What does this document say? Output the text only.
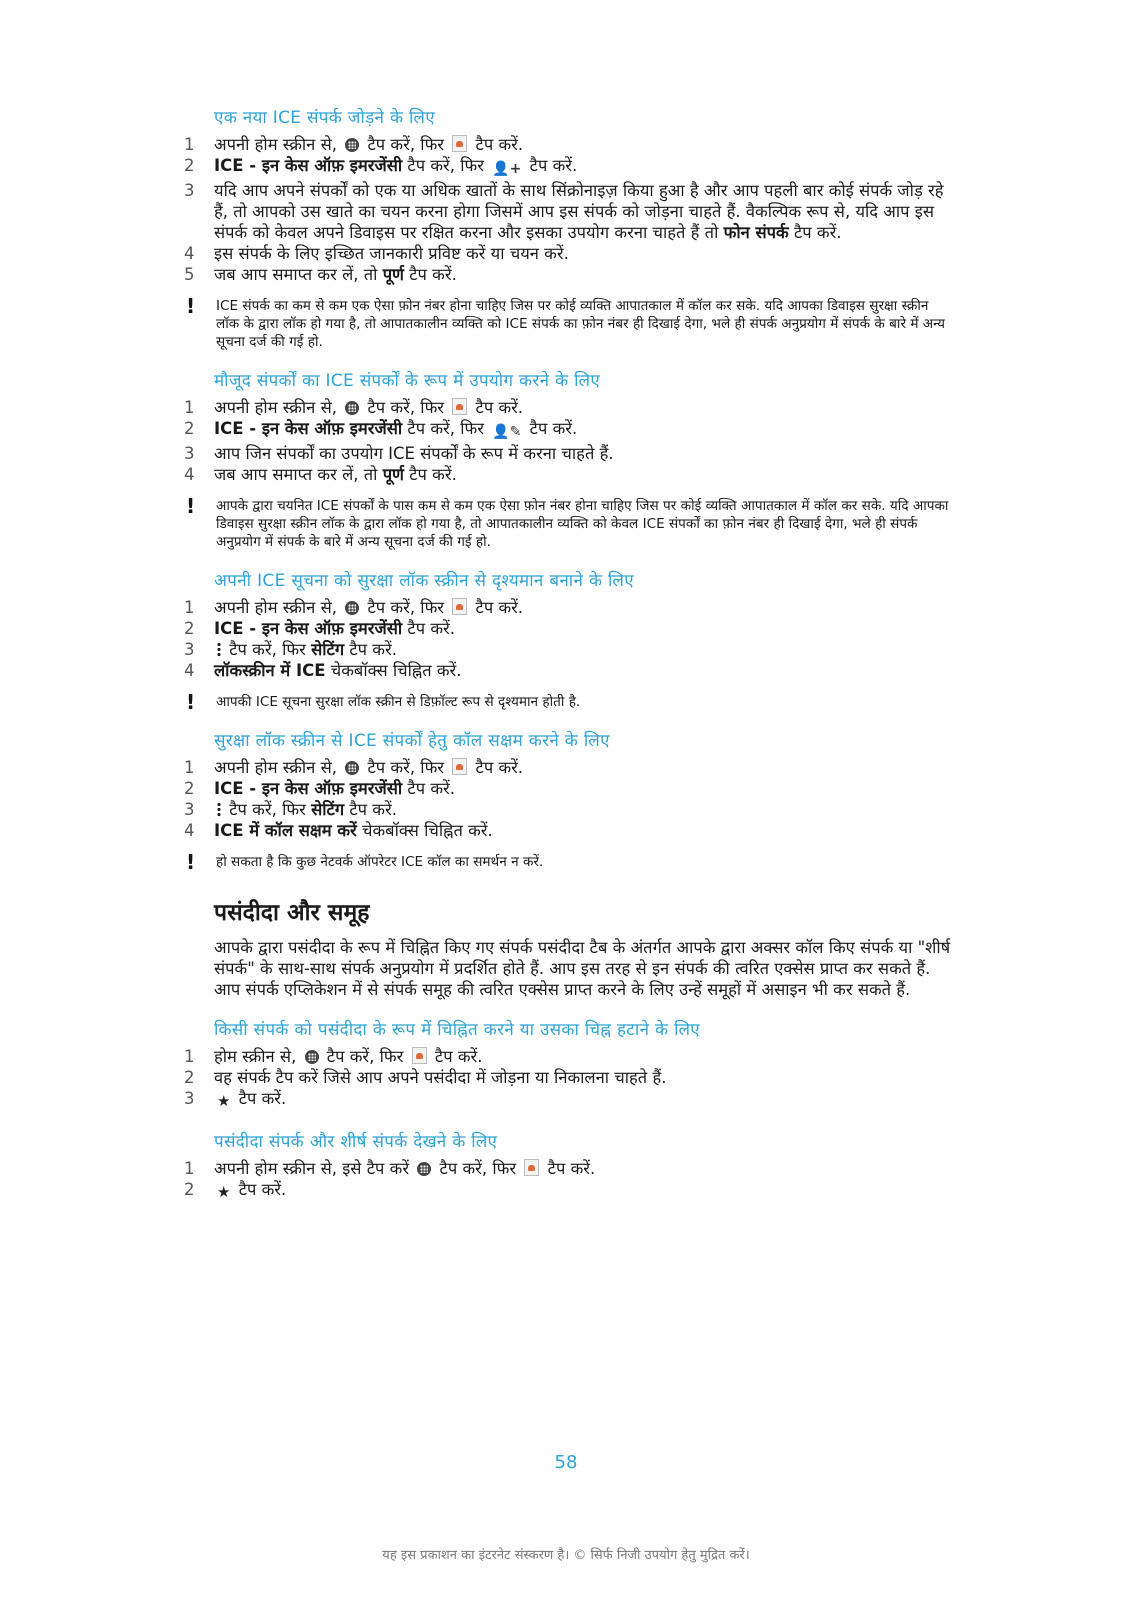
एक नया ICE संपर्क जोड़ने के लिए
1	अपनी होम स्क्रीन से,  टैप करें, फिर  टैप करें.
2	ICE - इन केस ऑफ़ इमरजेंसी टैप करें, फिर 👤+ टैप करें.
3	यदि आप अपने संपर्कों को एक या अधिक खातों के साथ सिंक्रोनाइज़ किया हुआ है और आप पहली बार कोई संपर्क जोड़ रहे हैं, तो आपको उस खाते का चयन करना होगा जिसमें आप इस संपर्क को जोड़ना चाहते हैं. वैकल्पिक रूप से, यदि आप इस संपर्क को केवल अपने डिवाइस पर रक्षित करना और इसका उपयोग करना चाहते हैं तो फोन संपर्क टैप करें.
4	इस संपर्क के लिए इच्छित जानकारी प्रविष्ट करें या चयन करें.
5	जब आप समाप्त कर लें, तो पूर्ण टैप करें.
!	ICE संपर्क का कम से कम एक ऐसा फ़ोन नंबर होना चाहिए जिस पर कोई व्यक्ति आपातकाल में कॉल कर सके. यदि आपका डिवाइस सुरक्षा स्क्रीन लॉक के द्वारा लॉक हो गया है, तो आपातकालीन व्यक्ति को ICE संपर्क का फ़ोन नंबर ही दिखाई देगा, भले ही संपर्क अनुप्रयोग में संपर्क के बारे में अन्य सूचना दर्ज की गई हो.
मौजूद संपर्कों का ICE संपर्कों के रूप में उपयोग करने के लिए
1	अपनी होम स्क्रीन से,  टैप करें, फिर  टैप करें.
2	ICE - इन केस ऑफ़ इमरजेंसी टैप करें, फिर 👤✎ टैप करें.
3	आप जिन संपर्कों का उपयोग ICE संपर्कों के रूप में करना चाहते हैं.
4	जब आप समाप्त कर लें, तो पूर्ण टैप करें.
!	आपके द्वारा चयनित ICE संपर्कों के पास कम से कम एक ऐसा फ़ोन नंबर होना चाहिए जिस पर कोई व्यक्ति आपातकाल में कॉल कर सके. यदि आपका डिवाइस सुरक्षा स्क्रीन लॉक के द्वारा लॉक हो गया है, तो आपातकालीन व्यक्ति को केवल ICE संपर्कों का फ़ोन नंबर ही दिखाई देगा, भले ही संपर्क अनुप्रयोग में संपर्क के बारे में अन्य सूचना दर्ज की गई हो.
अपनी ICE सूचना को सुरक्षा लॉक स्क्रीन से दृश्यमान बनाने के लिए
1	अपनी होम स्क्रीन से,  टैप करें, फिर  टैप करें.
2	ICE - इन केस ऑफ़ इमरजेंसी टैप करें.
3	टैप करें, फिर सेटिंग टैप करें.
4	लॉकस्क्रीन में ICE चेकबॉक्स चिह्नित करें.
!	आपकी ICE सूचना सुरक्षा लॉक स्क्रीन से डिफ़ॉल्ट रूप से दृश्यमान होती है.
सुरक्षा लॉक स्क्रीन से ICE संपर्कों हेतु कॉल सक्षम करने के लिए
1	अपनी होम स्क्रीन से,  टैप करें, फिर  टैप करें.
2	ICE - इन केस ऑफ़ इमरजेंसी टैप करें.
3	टैप करें, फिर सेटिंग टैप करें.
4	ICE में कॉल सक्षम करें चेकबॉक्स चिह्नित करें.
!	हो सकता है कि कुछ नेटवर्क ऑपरेटर ICE कॉल का समर्थन न करें.
पसंदीदा और समूह
आपके द्वारा पसंदीदा के रूप में चिह्नित किए गए संपर्क पसंदीदा टैब के अंतर्गत आपके द्वारा अक्सर कॉल किए संपर्क या "शीर्ष संपर्क" के साथ-साथ संपर्क अनुप्रयोग में प्रदर्शित होते हैं. आप इस तरह से इन संपर्क की त्वरित एक्सेस प्राप्त कर सकते हैं. आप संपर्क एप्लिकेशन में से संपर्क समूह की त्वरित एक्सेस प्राप्त करने के लिए उन्हें समूहों में असाइन भी कर सकते हैं.
किसी संपर्क को पसंदीदा के रूप में चिह्नित करने या उसका चिह्न हटाने के लिए
1	होम स्क्रीन से,  टैप करें, फिर  टैप करें.
2	वह संपर्क टैप करें जिसे आप अपने पसंदीदा में जोड़ना या निकालना चाहते हैं.
3	★ टैप करें.
पसंदीदा संपर्क और शीर्ष संपर्क देखने के लिए
1	अपनी होम स्क्रीन से, इसे टैप करें  टैप करें, फिर  टैप करें.
2	★ टैप करें.
58
यह इस प्रकाशन का इंटरनेट संस्करण है। © सिर्फ निजी उपयोग हेतु मुद्रित करें।
